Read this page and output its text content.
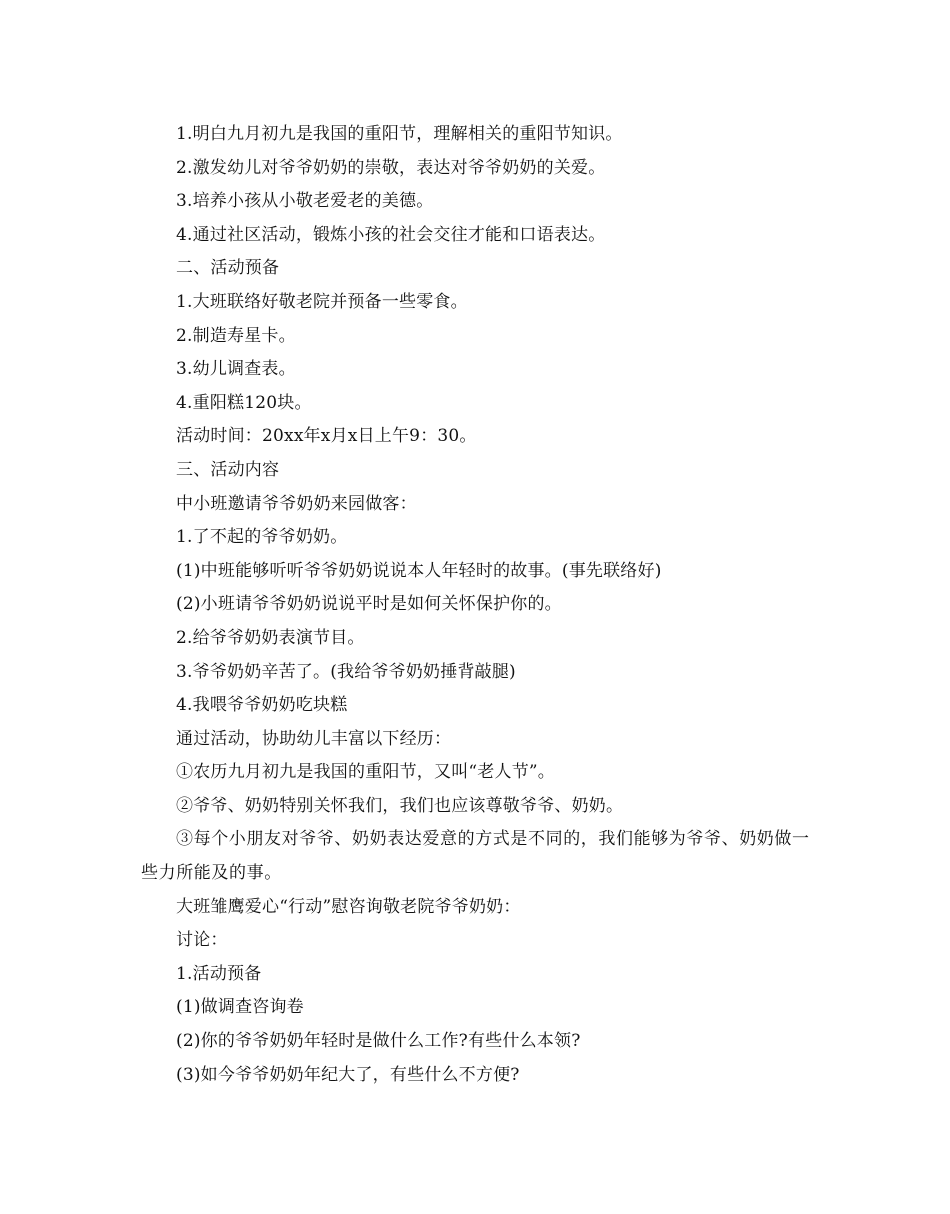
1.明白九月初九是我国的重阳节，理解相关的重阳节知识。

2.激发幼儿对爷爷奶奶的崇敬，表达对爷爷奶奶的关爱。

3.培养小孩从小敬老爱老的美德。

4.通过社区活动，锻炼小孩的社会交往才能和口语表达。

二、活动预备

1.大班联络好敬老院并预备一些零食。

2.制造寿星卡。

3.幼儿调查表。

4.重阳糕120块。

活动时间：20xx年x月x日上午9：30。

三、活动内容

中小班邀请爷爷奶奶来园做客：

1.了不起的爷爷奶奶。

(1)中班能够听听爷爷奶奶说说本人年轻时的故事。(事先联络好)

(2)小班请爷爷奶奶说说平时是如何关怀保护你的。

2.给爷爷奶奶表演节目。

3.爷爷奶奶辛苦了。(我给爷爷奶奶捶背敲腿)

4.我喂爷爷奶奶吃块糕

通过活动，协助幼儿丰富以下经历：

①农历九月初九是我国的重阳节，又叫“老人节”。

②爷爷、奶奶特别关怀我们，我们也应该尊敬爷爷、奶奶。

③每个小朋友对爷爷、奶奶表达爱意的方式是不同的，我们能够为爷爷、奶奶做一些力所能及的事。

大班雏鹰爱心“行动”慰咨询敬老院爷爷奶奶：

讨论：

1.活动预备

(1)做调查咨询卷

(2)你的爷爷奶奶年轻时是做什么工作?有些什么本领?

(3)如今爷爷奶奶年纪大了，有些什么不方便?
